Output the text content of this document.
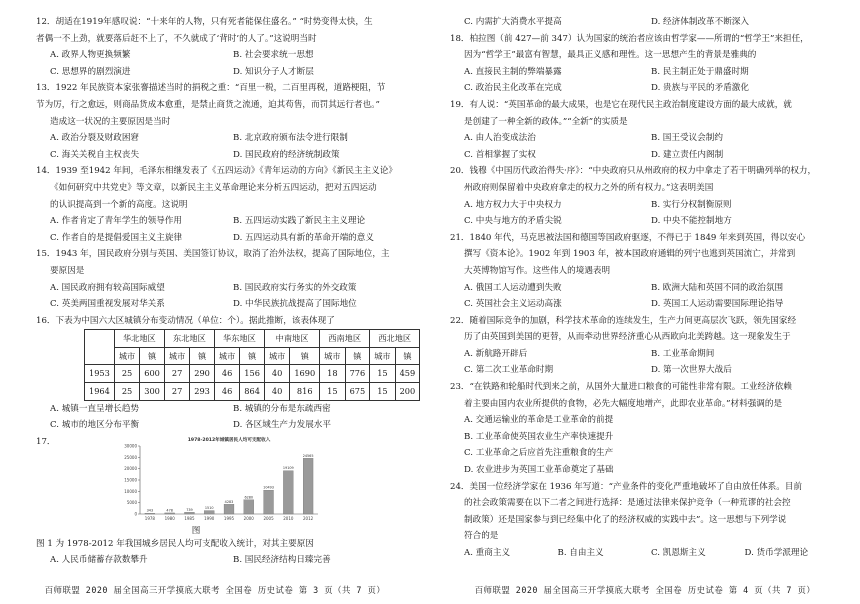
12．胡适在1919年感叹说：“十来年的人物，只有死者能保住盛名。” “时势变得太快，生
者偶一不上劲，就要落后赶不上了，不久就成了‘背时’的人了。”这说明当时
A. 政界人物更换频繁	B. 社会要求统一思想
C. 思想界的剧烈演进	D. 知识分子人才断层
13．1922 年民族资本家张謇描述当时的捐税之重：“百里一税，二百里再税，道路梗阻，节
节为厉，行之愈远，则商品货成本愈重，是禁止商货之流通，迫其苟售，而罚其远行者也。”
造成这一状况的主要原因是当时
A. 政治分裂及财政困窘	B. 北京政府颁布法令进行限制
C. 海关关税自主权丧失	D. 国民政府的经济统制政策
14．1939 至1942 年间，毛泽东相继发表了《五四运动》《青年运动的方向》《新民主主义论》
《如何研究中共党史》等文章，以新民主主义革命理论来分析五四运动，把对五四运动
的认识提高到一个新的高度。这说明
A. 作者肯定了青年学生的领导作用	B. 五四运动实践了新民主主义理论
C. 作者自的是提倡爱国主义主旋律	D. 五四运动具有新的革命开端的意义
15．1943 年，国民政府分别与英国、美国签订协议，取消了治外法权，提高了国际地位，主
要原因是
A. 国民政府拥有较高国际威望	B. 国民政府实行务实的外交政策
C. 英美两国重视发展对华关系	D. 中华民族抗战提高了国际地位
16．下表为中国六大区城镇分布变动情况（单位：个）。据此推断，该表体现了
	华北地区		东北地区		华东地区		中南地区		西南地区		西北地区	
	城市	镇	城市	镇	城市	镇	城市	镇	城市	镇	城市	镇
1953	25	600	27	290	46	156	40	1690	18	776	15	459
1964	25	300	27	293	46	864	40	816	15	675	15	200
A. 城镇一直呈增长趋势	B. 城镇的分布是东疏西密
C. 城市的地区分布平衡	D. 各区域生产力发展水平
17．	1978-2012年城镇居民人均可支配收入
0
5000
10000
15000
20000
25000
30000
343
1978
478
1980
739
1985
1510
1990
4283
1995
6280
2000
10493
2005
19109
2010
24565
2012
图
图 1 为 1978-2012 年我国城乡居民人均可支配收入统计，对其主要原因
A. 人民币储蓄存款数攀升	B. 国民经济结构日臻完善
百师联盟 2020 届全国高三开学摸底大联考 全国卷 历史试卷 第 3 页（共 7 页）
C. 内需扩大消费水平提高	D. 经济体制改革不断深入
18．柏拉图（前 427—前 347）认为国家的统治者应该由哲学家——所谓的“哲学王”来担任，
因为“哲学王”最富有智慧，最具正义感和理性。这一思想产生的背景是雅典的
A. 直接民主制的弊端暴露	B. 民主制正处于鼎盛时期
C. 政治民主化改革在完成	D. 贵族与平民的矛盾激化
19．有人说：“英国革命的最大成果，也是它在现代民主政治制度建设方面的最大成就，就
是创建了一种全新的政体。”“全新”的实质是
A. 由人治变成法治	B. 国王受议会制约
C. 首相掌握了实权	D. 建立责任内阁制
20．钱穆《中国历代政治得失·序》：“中央政府只从州政府的权力中拿走了若干明确列举的权力，
州政府则保留着中央政府拿走的权力之外的所有权力。”这表明美国
A. 地方权力大于中央权力	B. 实行分权制衡原则
C. 中央与地方的矛盾尖锐	D. 中央不能控制地方
21．1840 年代，马克思被法国和德国等国政府驱逐，不得已于 1849 年来到英国，得以安心
撰写《资本论》。1902 年到 1903 年，被本国政府通辑的列宁也逃到英国流亡，并常到
大英博物馆写作。这些伟人的境遇表明
A. 俄国工人运动遭到失败	B. 欧洲大陆和英国不同的政治氛围
C. 英国社会主义运动高涨	D. 英国工人运动需要国际理论指导
22．随着国际竞争的加剧，科学技术革命的连续发生，生产力间更高层次飞跃，领先国家经
历了由英国到美国的更替，从而牵动世界经济重心从西欧向北美跨越。这一现象发生于
A. 新航路开辟后	B. 工业革命期间
C. 第二次工业革命时期	D. 第一次世界大战后
23．“在铁路和轮船时代到来之前，从国外大量进口粮食的可能性非常有限。工业经济依赖
着主要由国内农业所提供的食物，必先大幅度地增产，此即农业革命。”材料强调的是
A. 交通运输业的革命是工业革命的前提
B. 工业革命使英国农业生产率快速提升
C. 工业革命之后应首先注重粮食的生产
D. 农业进步为英国工业革命奠定了基础
24．美国一位经济学家在 1936 年写道：“产业条件的变化严重地破坏了自由放任体系。目前
的社会政策需要在以下二者之间进行选择：是通过法律来保护竞争（一种荒谬的社会控
制政策）还是国家参与到已经集中化了的经济权威的实践中去”。这一思想与下列学说
符合的是
A. 重商主义	B. 自由主义	C. 凯恩斯主义	D. 货币学派理论
百师联盟 2020 届全国高三开学摸底大联考 全国卷 历史试卷 第 4 页（共 7 页）
